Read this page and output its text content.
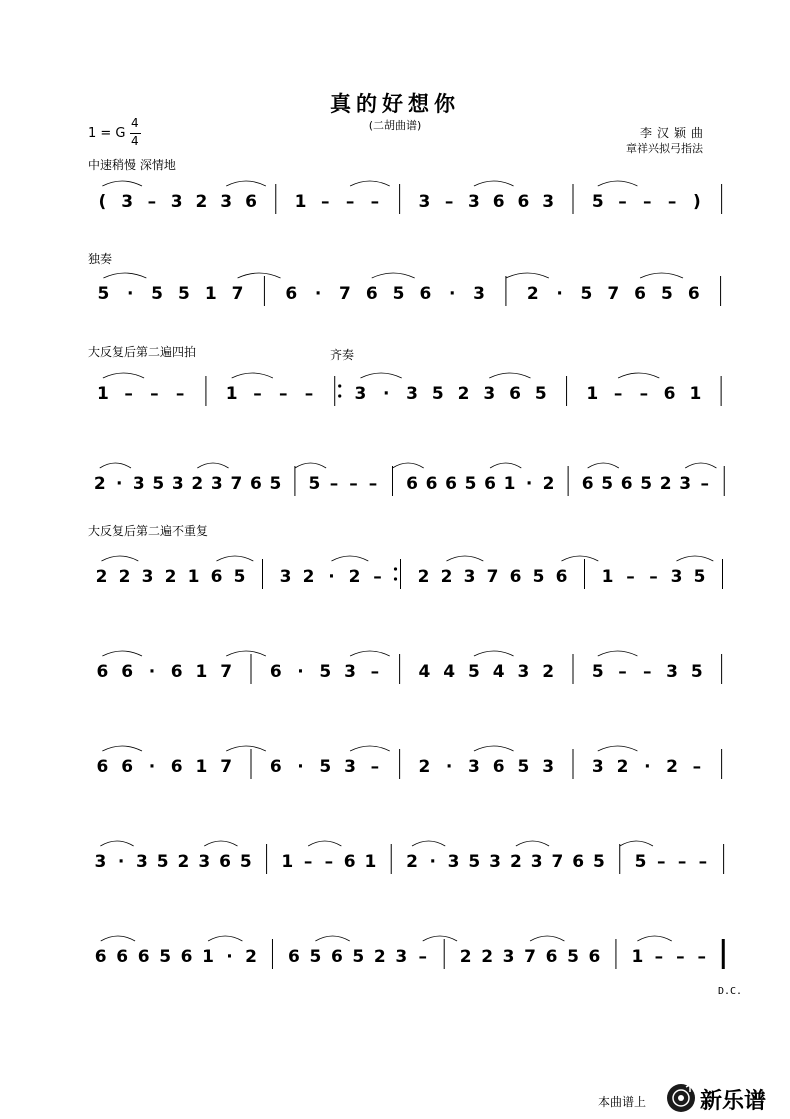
真的好想你
(二胡曲谱)
1 = G
4
4
李汉颖曲
章祥兴拟弓指法
中速稍慢 深情地
独奏
大反复后第二遍四拍	齐奏
大反复后第二遍不重复
( 3 – 3 2 3 6 1 – – – 3 – 3 6 6 3 5 – – – )
5 · 5 5 1 7 6 · 7 6 5 6 · 3 2 · 5 7 6 5 6
1 – – – 1 – – – 3 · 3 5 2 3 6 5 1 – – 6 1
2 · 3 5 3 2 3 7 6 5 5 – – – 6 6 6 5 6 1 · 2 6 5 6 5 2 3 –
2 2 3 2 1 6 5 3 2 · 2 – 2 2 3 7 6 5 6 1 – – 3 5
6 6 · 6 1 7 6 · 5 3 – 4 4 5 4 3 2 5 – – 3 5
6 6 · 6 1 7 6 · 5 3 – 2 · 3 6 5 3 3 2 · 2 –
3 · 3 5 2 3 6 5 1 – – 6 1 2 · 3 5 3 2 3 7 6 5 5 – – –
6 6 6 5 6 1 · 2 6 5 6 5 2 3 – 2 2 3 7 6 5 6 1 – – –
D.C.
本曲谱上 新乐谱
